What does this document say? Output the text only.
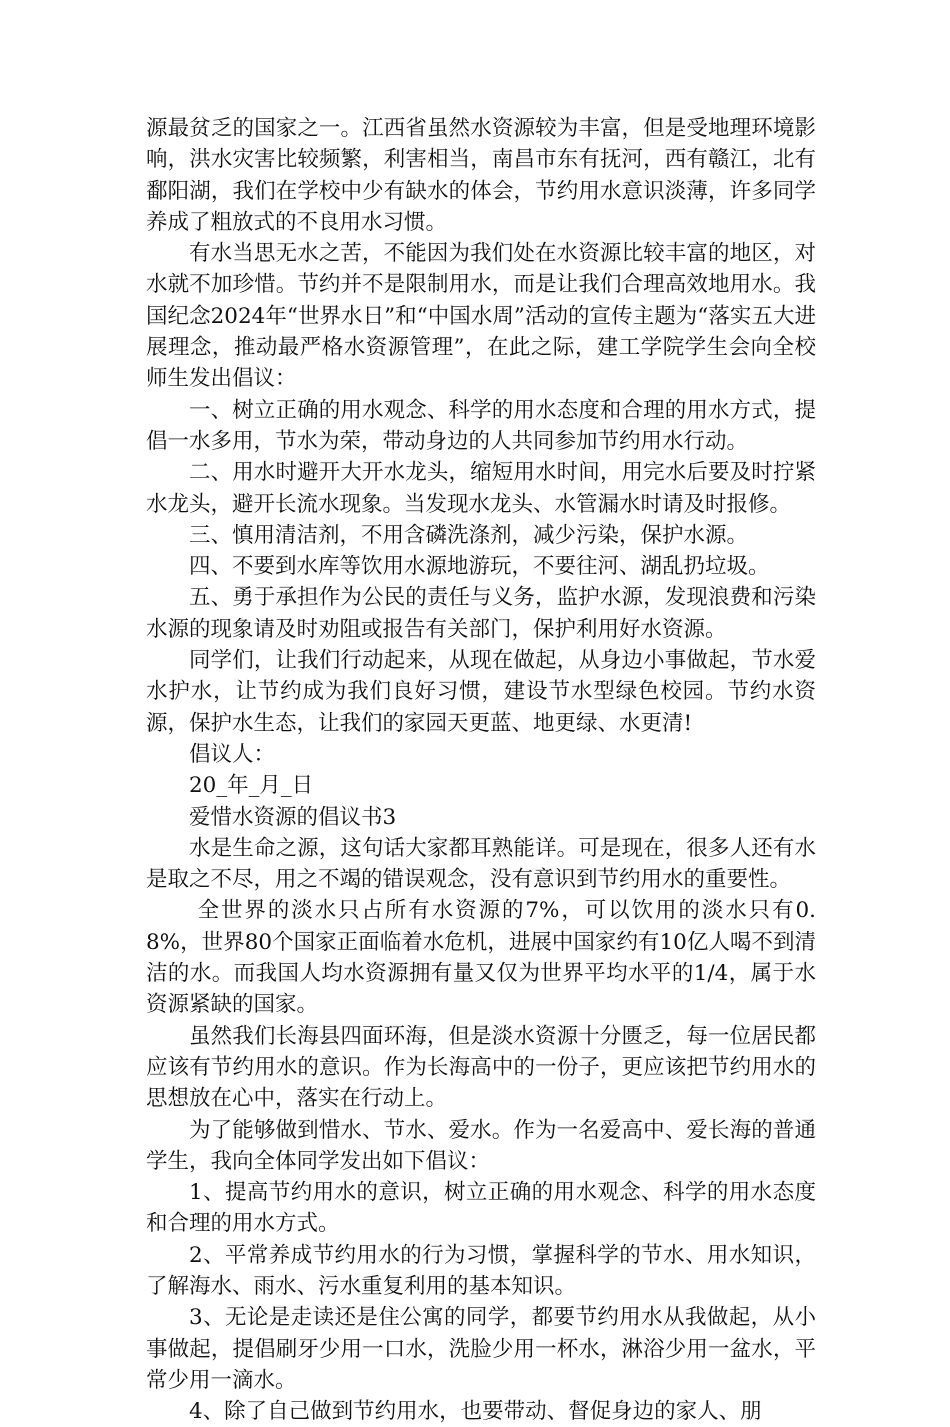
源最贫乏的国家之一。江西省虽然水资源较为丰富，但是受地理环境影响，洪水灾害比较频繁，利害相当，南昌市东有抚河，西有赣江，北有鄱阳湖，我们在学校中少有缺水的体会，节约用水意识淡薄，许多同学养成了粗放式的不良用水习惯。

有水当思无水之苦，不能因为我们处在水资源比较丰富的地区，对水就不加珍惜。节约并不是限制用水，而是让我们合理高效地用水。我国纪念2024年“世界水日”和“中国水周”活动的宣传主题为“落实五大进展理念，推动最严格水资源管理”，在此之际，建工学院学生会向全校师生发出倡议：

一、树立正确的用水观念、科学的用水态度和合理的用水方式，提倡一水多用，节水为荣，带动身边的人共同参加节约用水行动。

二、用水时避开大开水龙头，缩短用水时间，用完水后要及时拧紧水龙头，避开长流水现象。当发现水龙头、水管漏水时请及时报修。

三、慎用清洁剂，不用含磷洗涤剂，减少污染，保护水源。

四、不要到水库等饮用水源地游玩，不要往河、湖乱扔垃圾。

五、勇于承担作为公民的责任与义务，监护水源，发现浪费和污染水源的现象请及时劝阻或报告有关部门，保护利用好水资源。

同学们，让我们行动起来，从现在做起，从身边小事做起，节水爱水护水，让节约成为我们良好习惯，建设节水型绿色校园。节约水资源，保护水生态，让我们的家园天更蓝、地更绿、水更清!

倡议人：

20_年_月_日

爱惜水资源的倡议书3

水是生命之源，这句话大家都耳熟能详。可是现在，很多人还有水是取之不尽，用之不竭的错误观念，没有意识到节约用水的重要性。

全世界的淡水只占所有水资源的7%，可以饮用的淡水只有0.8%，世界80个国家正面临着水危机，进展中国家约有10亿人喝不到清洁的水。而我国人均水资源拥有量又仅为世界平均水平的1/4，属于水资源紧缺的国家。

虽然我们长海县四面环海，但是淡水资源十分匮乏，每一位居民都应该有节约用水的意识。作为长海高中的一份子，更应该把节约用水的思想放在心中，落实在行动上。

为了能够做到惜水、节水、爱水。作为一名爱高中、爱长海的普通学生，我向全体同学发出如下倡议：

1、提高节约用水的意识，树立正确的用水观念、科学的用水态度和合理的用水方式。

2、平常养成节约用水的行为习惯，掌握科学的节水、用水知识，了解海水、雨水、污水重复利用的基本知识。

3、无论是走读还是住公寓的同学，都要节约用水从我做起，从小事做起，提倡刷牙少用一口水，洗脸少用一杯水，淋浴少用一盆水，平常少用一滴水。

4、除了自己做到节约用水，也要带动、督促身边的家人、朋
